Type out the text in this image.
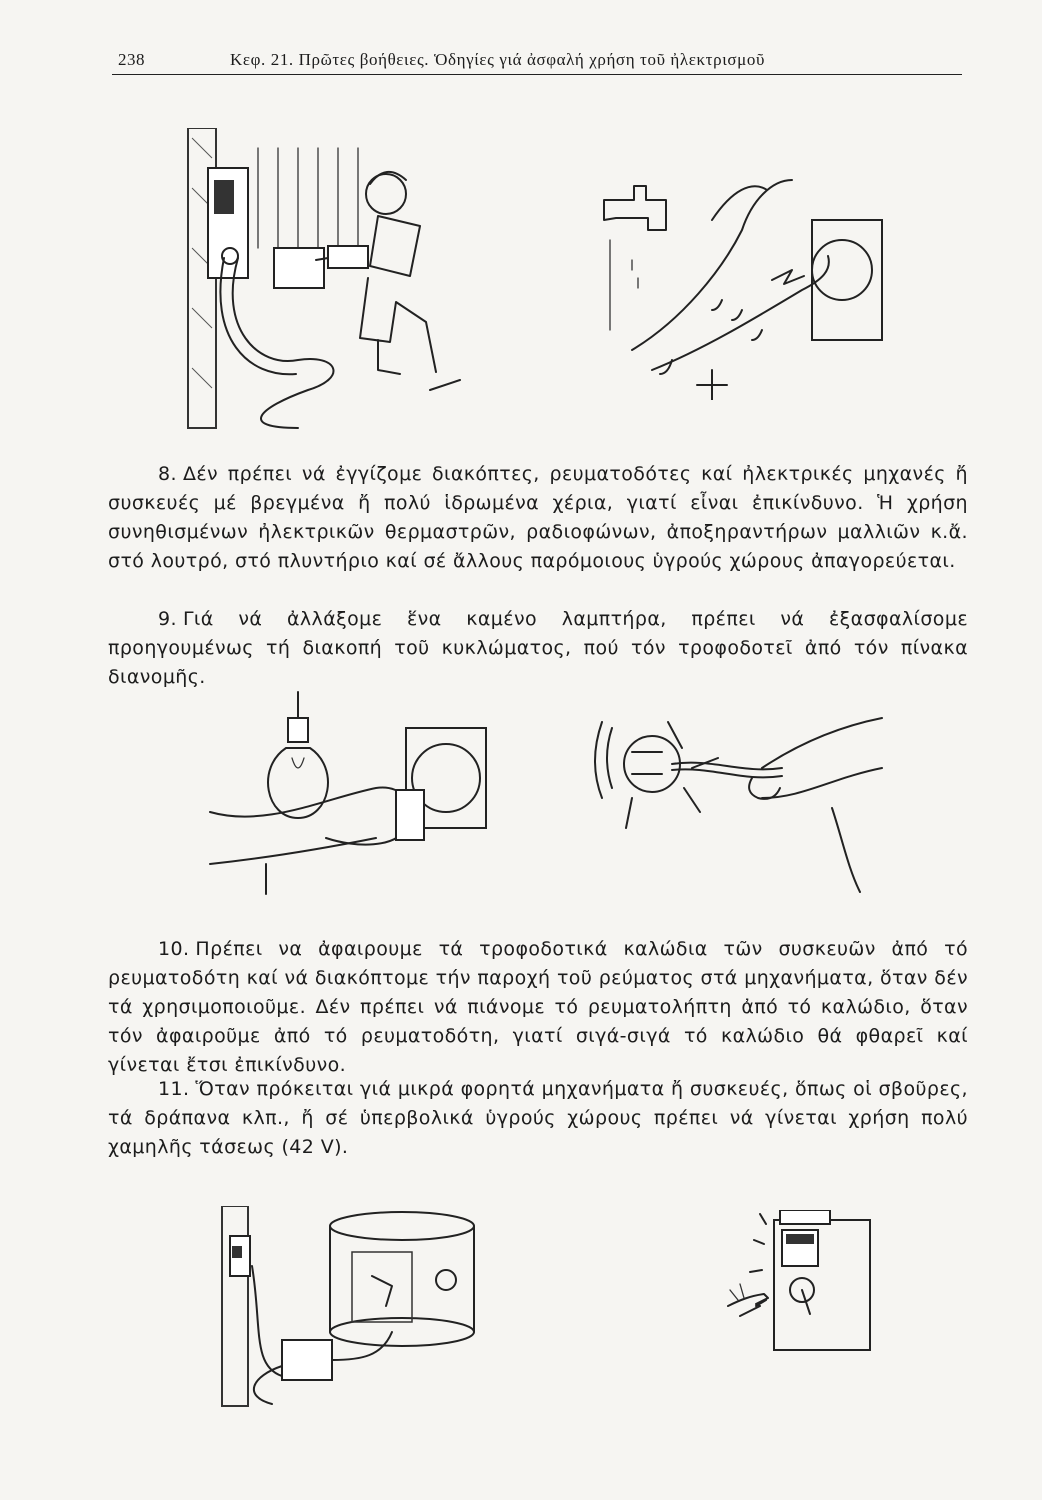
238	Κεφ. 21. Πρῶτες βοήθειες. Ὁδηγίες γιά ἀσφαλή χρήση τοῦ ἠλεκτρισμοῦ

8. Δέν πρέπει νά ἐγγίζομε διακόπτες, ρευματοδότες καί ἠλεκτρικές μηχανές ἤ συσκευές μέ βρεγμένα ἤ πολύ ἱδρωμένα χέρια, γιατί εἶναι ἐπικίνδυνο. Ἡ χρήση συνηθισμένων ἠλεκτρικῶν θερμαστρῶν, ραδιοφώνων, ἀποξηραντήρων μαλλιῶν κ.ἄ. στό λουτρό, στό πλυντήριο καί σέ ἄλλους παρόμοιους ὑγρούς χώρους ἀπαγορεύεται.

9. Γιά νά ἀλλάξομε ἕνα καμένο λαμπτήρα, πρέπει νά ἐξασφαλίσομε προηγουμένως τή διακοπή τοῦ κυκλώματος, πού τόν τροφοδοτεῖ ἀπό τόν πίνακα διανομῆς.

10. Πρέπει να ἀφαιρουμε τά τροφοδοτικά καλώδια τῶν συσκευῶν ἀπό τό ρευματοδότη καί νά διακόπτομε τήν παροχή τοῦ ρεύματος στά μηχανήματα, ὅταν δέν τά χρησιμοποιοῦμε. Δέν πρέπει νά πιάνομε τό ρευματολήπτη ἀπό τό καλώδιο, ὅταν τόν ἀφαιροῦμε ἀπό τό ρευματοδότη, γιατί σιγά-σιγά τό καλώδιο θά φθαρεῖ καί γίνεται ἔτσι ἐπικίνδυνο.

11. Ὅταν πρόκειται γιά μικρά φορητά μηχανήματα ἤ συσκευές, ὅπως οἱ σβοῦρες, τά δράπανα κλπ., ἤ σέ ὑπερβολικά ὑγρούς χώρους πρέπει νά γίνεται χρήση πολύ χαμηλῆς τάσεως (42 V).
